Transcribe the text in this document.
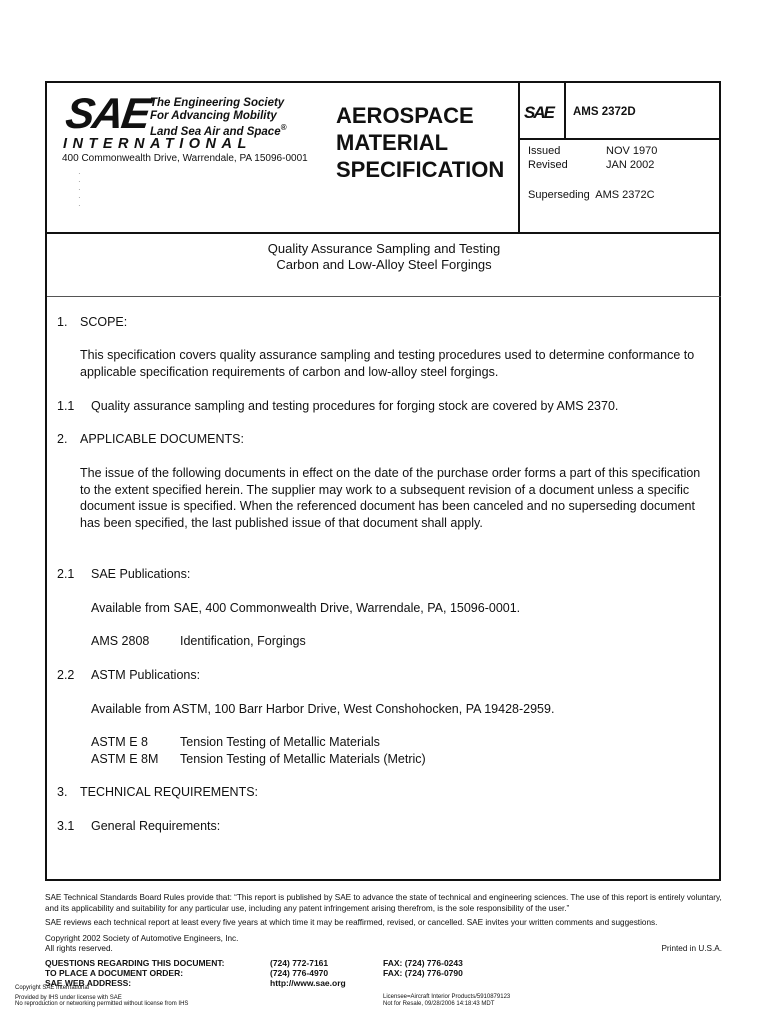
SAE
The Engineering Society
For Advancing Mobility
Land Sea Air and Space®
INTERNATIONAL
400 Commonwealth Drive, Warrendale, PA 15096-0001
·
·
·
·
·
AEROSPACE
MATERIAL
SPECIFICATION
SAE AMS 2372D
Issued	NOV 1970
Revised	JAN 2002
Superseding  AMS 2372C
Quality Assurance Sampling and Testing
Carbon and Low-Alloy Steel Forgings
1. SCOPE:
This specification covers quality assurance sampling and testing procedures used to determine conformance to applicable specification requirements of carbon and low-alloy steel forgings.
1.1 Quality assurance sampling and testing procedures for forging stock are covered by AMS 2370.
2. APPLICABLE DOCUMENTS:
The issue of the following documents in effect on the date of the purchase order forms a part of this specification to the extent specified herein. The supplier may work to a subsequent revision of a document unless a specific document issue is specified. When the referenced document has been canceled and no superseding document has been specified, the last published issue of that document shall apply.
2.1 SAE Publications:
Available from SAE, 400 Commonwealth Drive, Warrendale, PA, 15096-0001.
AMS 2808 Identification, Forgings
2.2 ASTM Publications:
Available from ASTM, 100 Barr Harbor Drive, West Conshohocken, PA 19428-2959.
ASTM E 8	Tension Testing of Metallic Materials
ASTM E 8M Tension Testing of Metallic Materials (Metric)
3. TECHNICAL REQUIREMENTS:
3.1 General Requirements:
SAE Technical Standards Board Rules provide that: “This report is published by SAE to advance the state of technical and engineering sciences. The use of this report is entirely voluntary, and its applicability and suitability for any particular use, including any patent infringement arising therefrom, is the sole responsibility of the user.”
SAE reviews each technical report at least every five years at which time it may be reaffirmed, revised, or cancelled. SAE invites your written comments and suggestions.
Copyright 2002 Society of Automotive Engineers, Inc.
All rights reserved.	Printed in U.S.A.
QUESTIONS REGARDING THIS DOCUMENT:	(724) 772-7161	FAX: (724) 776-0243
TO PLACE A DOCUMENT ORDER:	(724) 776-4970	FAX: (724) 776-0790
SAE WEB ADDRESS:	http://www.sae.org
Copyright SAE International
Provided by IHS under license with SAE
No reproduction or networking permitted without license from IHS
Licensee=Aircraft Interior Products/5910879123
Not for Resale, 09/28/2006 14:18:43 MDT
